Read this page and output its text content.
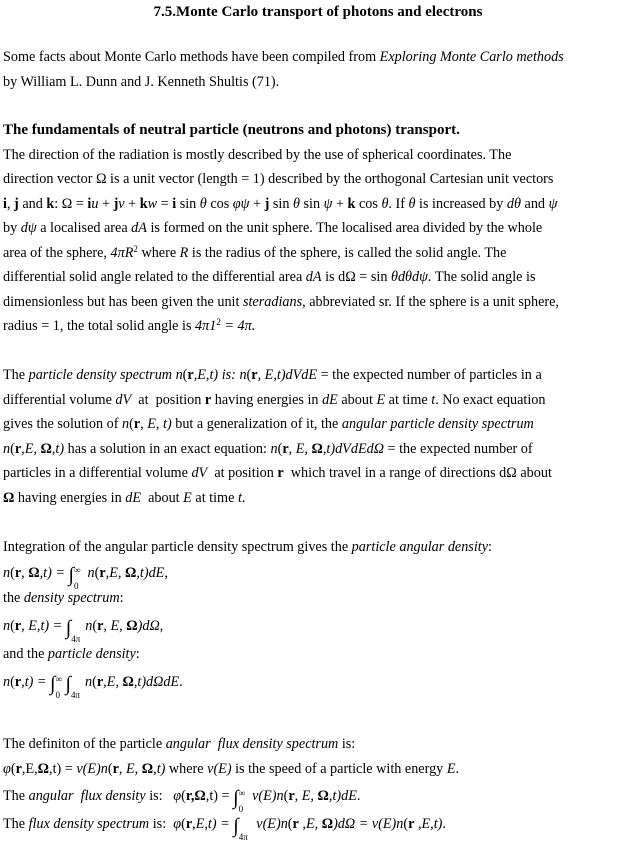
7.5.Monte Carlo transport of photons and electrons
Some facts about Monte Carlo methods have been compiled from Exploring Monte Carlo methods
by William L. Dunn and J. Kenneth Shultis (71).
The fundamentals of neutral particle (neutrons and photons) transport.
The direction of the radiation is mostly described by the use of spherical coordinates. The
direction vector Ω is a unit vector (length = 1) described by the orthogonal Cartesian unit vectors
i, j and k: Ω = iu + jv + kw = i sin θ cos φψ + j sin θ sin ψ + k cos θ. If θ is increased by dθ and ψ
by dψ a localised area dA is formed on the unit sphere. The localised area divided by the whole
area of the sphere, $4\pi R^2$ where R is the radius of the sphere, is called the solid angle. The
differential solid angle related to the differential area dA is dΩ = sin θdθdψ. The solid angle is
dimensionless but has been given the unit steradians, abbreviated sr. If the sphere is a unit sphere,
radius = 1, the total solid angle is $4\pi 1^2 = 4\pi$.
The particle density spectrum n(r,E,t) is: n(r, E,t)dVdE = the expected number of particles in a
differential volume dV  at  position r having energies in dE about E at time t. No exact equation
gives the solution of n(r, E, t) but a generalization of it, the angular particle density spectrum
n(r,E, Ω,t) has a solution in an exact equation: n(r, E, Ω,t)dVdEdΩ = the expected number of
particles in a differential volume dV  at position r  which travel in a range of directions dΩ about
Ω having energies in dE  about E at time t.
Integration of the angular particle density spectrum gives the particle angular density:
n(r, Ω,t) = ∫ ∞
0
n(r,E, Ω,t)dE,
the density spectrum:
n(r, E,t) = ∫ 4π
n(r, E, Ω)dΩ,
and the particle density:
n(r,t) = ∫ ∞
0 ∫ 4π
n(r,E, Ω,t)dΩdE.
The definiton of the particle angular  flux density spectrum is:
φ(r,E,Ω,t) = v(E)n(r, E, Ω,t) where v(E) is the speed of a particle with energy E.
The angular  flux density is:   φ(r,Ω,t) = ∫ ∞
0
v(E)n(r, E, Ω,t)dE.
The flux density spectrum is:  φ(r,E,t) = ∫ 4π
v(E)n(r ,E, Ω)dΩ = v(E)n(r ,E,t).
